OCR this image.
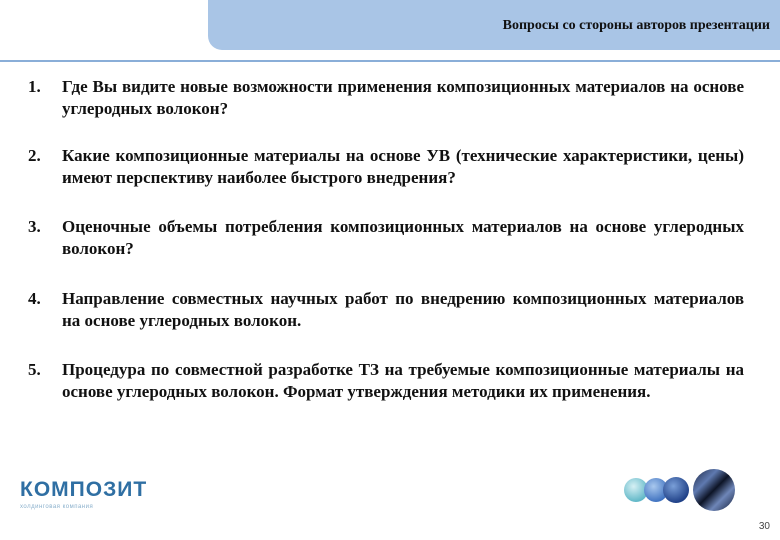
Вопросы со стороны авторов презентации
1. Где Вы видите новые возможности применения композиционных материалов на основе углеродных волокон?
2. Какие композиционные материалы на основе УВ (технические характеристики, цены) имеют перспективу наиболее быстрого внедрения?
3. Оценочные объемы потребления композиционных материалов на основе углеродных волокон?
4. Направление совместных научных работ по внедрению композиционных материалов на основе углеродных волокон.
5. Процедура по совместной разработке ТЗ на требуемые композиционные материалы на основе углеродных волокон. Формат утверждения методики их применения.
КОМПОЗИТ
холдинговая компания
30
